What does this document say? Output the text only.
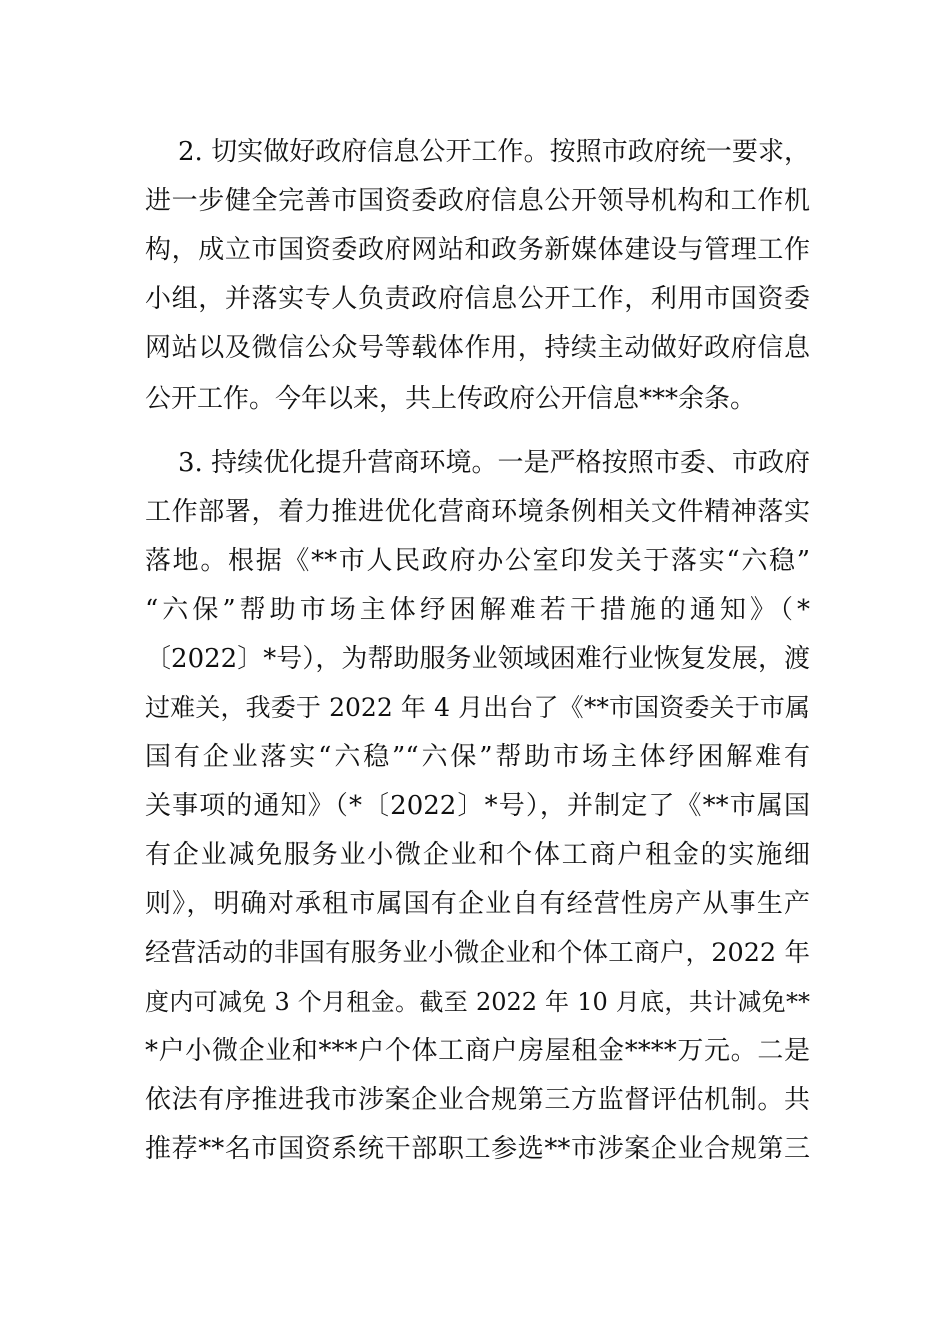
2. 切实做好政府信息公开工作。按照市政府统一要求，
进一步健全完善市国资委政府信息公开领导机构和工作机
构，成立市国资委政府网站和政务新媒体建设与管理工作
小组，并落实专人负责政府信息公开工作，利用市国资委
网站以及微信公众号等载体作用，持续主动做好政府信息
公开工作。今年以来，共上传政府公开信息***余条。
3. 持续优化提升营商环境。一是严格按照市委、市政府
工作部署，着力推进优化营商环境条例相关文件精神落实
落地。根据《**市人民政府办公室印发关于落实“六稳”
“六保”帮助市场主体纾困解难若干措施的通知》（*
〔2022〕*号），为帮助服务业领域困难行业恢复发展，渡
过难关，我委于 2022 年 4 月出台了《**市国资委关于市属
国有企业落实“六稳”“六保”帮助市场主体纾困解难有
关事项的通知》（*〔2022〕*号），并制定了《**市属国
有企业减免服务业小微企业和个体工商户租金的实施细
则》，明确对承租市属国有企业自有经营性房产从事生产
经营活动的非国有服务业小微企业和个体工商户，2022 年
度内可减免 3 个月租金。截至 2022 年 10 月底，共计减免**
*户小微企业和***户个体工商户房屋租金****万元。二是
依法有序推进我市涉案企业合规第三方监督评估机制。共
推荐**名市国资系统干部职工参选**市涉案企业合规第三
